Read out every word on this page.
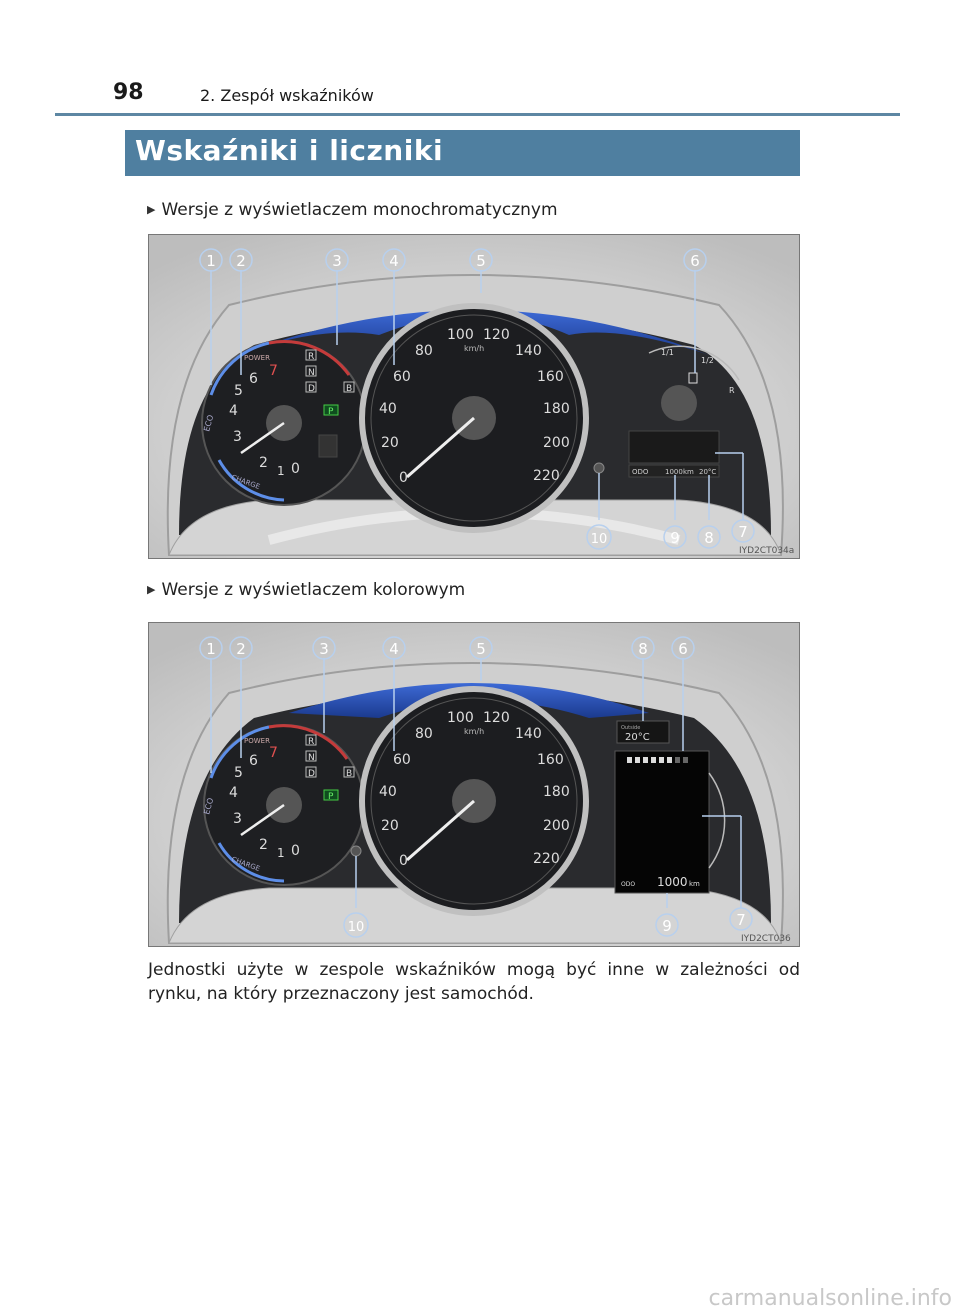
98	2. Zespół wskaźników
Wskaźniki i liczniki
▶ Wersje z wyświetlaczem monochromatycznym
2
3
4
5
6 7
0
1
ECO
POWER
CHARGE
R
N
D	B
P
0
20
40
60
80
100 120
140
160
180
200
220
km/h	1/1
1/2
R
ODO 1000 km 20°C
1 2	3	4	5	6
7
8
9
10
IYD2CT034a
▶ Wersje z wyświetlaczem kolorowym
2
3
4
5
6 7
0
1
ECO
POWER
CHARGE
R
N
D	B
P
0
20
40
60
80
100 120
140
160
180
200
220
km/h	Outside
20°C
ODO 1000 km
1 2	3	4	5	8 6
7
9
10
IYD2CT036
Jednostki użyte w zespole wskaźników mogą być inne w zależności od
rynku, na który przeznaczony jest samochód.
carmanualsonline.info
